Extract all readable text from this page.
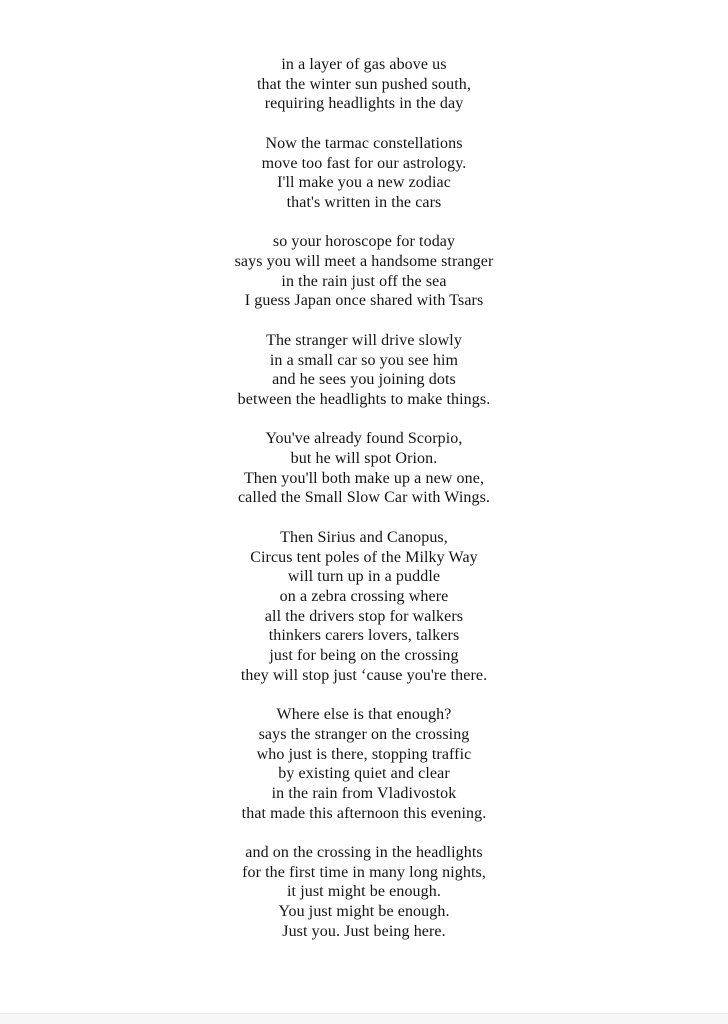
in a layer of gas above us
that the winter sun pushed south,
requiring headlights in the day
Now the tarmac constellations
move too fast for our astrology.
I'll make you a new zodiac
that's written in the cars
so your horoscope for today
says you will meet a handsome stranger
in the rain just off the sea
I guess Japan once shared with Tsars
The stranger will drive slowly
in a small car so you see him
and he sees you joining dots
between the headlights to make things.
You've already found Scorpio,
but he will spot Orion.
Then you'll both make up a new one,
called the Small Slow Car with Wings.
Then Sirius and Canopus,
Circus tent poles of the Milky Way
will turn up in a puddle
on a zebra crossing where
all the drivers stop for walkers
thinkers carers lovers, talkers
just for being on the crossing
they will stop just ‘cause you're there.
Where else is that enough?
says the stranger on the crossing
who just is there, stopping traffic
by existing quiet and clear
in the rain from Vladivostok
that made this afternoon this evening.
and on the crossing in the headlights
for the first time in many long nights,
it just might be enough.
You just might be enough.
Just you. Just being here.
